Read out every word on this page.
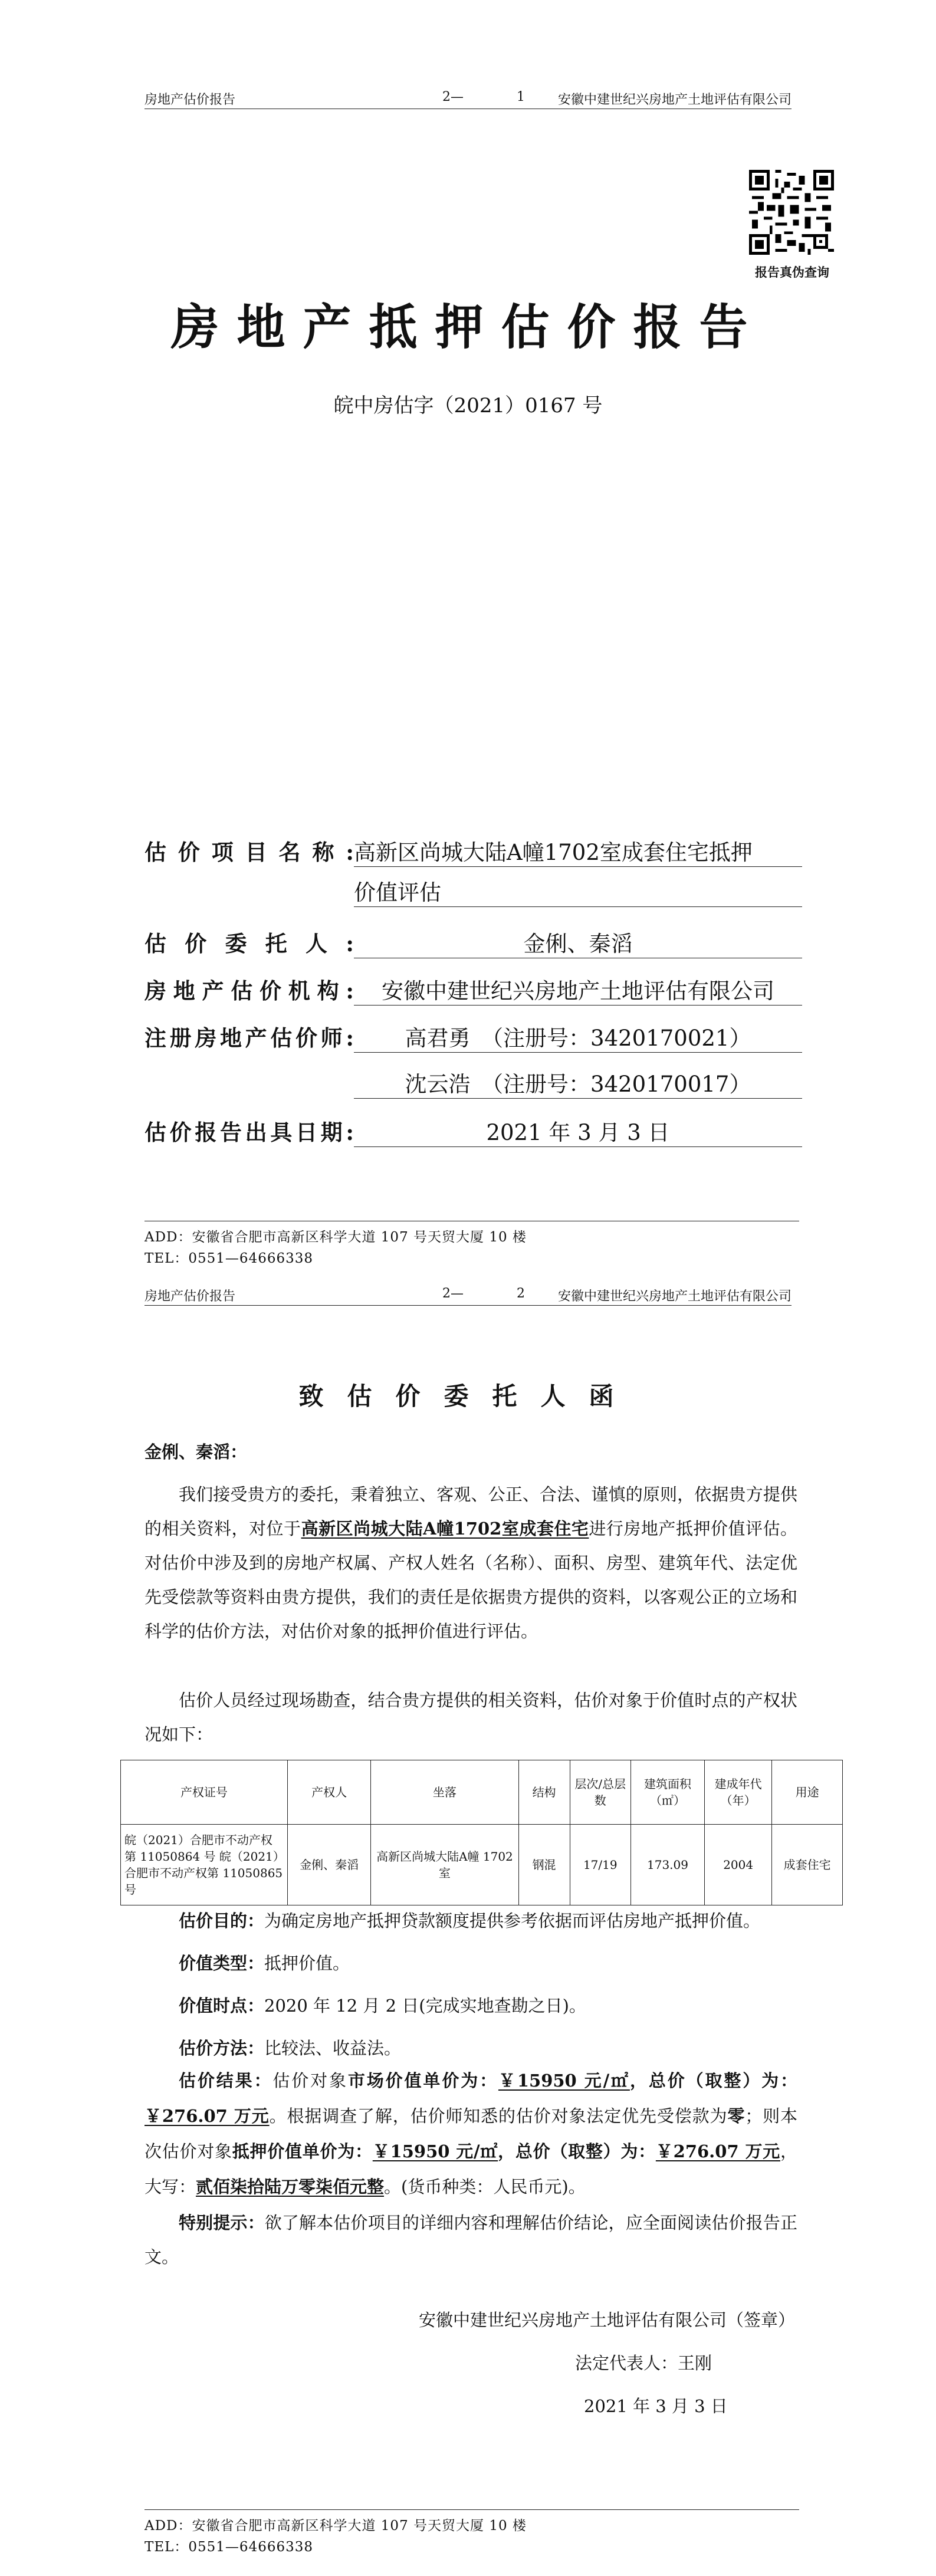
房地产估价报告	2—	1	安徽中建世纪兴房地产土地评估有限公司
报告真伪查询
房地产抵押估价报告
皖中房估字（2021）0167 号
估价项目名称:高新区尚城大陆A幢1702室成套住宅抵押
价值评估
估价委托人:	金俐、秦滔
房地产估价机构: 安徽中建世纪兴房地产土地评估有限公司
注册房地产估价师: 高君勇　（注册号：3420170021）
沈云浩　（注册号：3420170017）
估价报告出具日期:	2021 年 3 月 3 日
ADD：安徽省合肥市高新区科学大道 107 号天贸大厦 10 楼
TEL：0551—64666338
房地产估价报告	2—	2	安徽中建世纪兴房地产土地评估有限公司
致估价委托人函
金俐、秦滔：
我们接受贵方的委托，秉着独立、客观、公正、合法、谨慎的原则，依据贵方提供的相关资料，对位于高新区尚城大陆A幢1702室成套住宅进行房地产抵押价值评估。对估价中涉及到的房地产权属、产权人姓名（名称）、面积、房型、建筑年代、法定优先受偿款等资料由贵方提供，我们的责任是依据贵方提供的资料，以客观公正的立场和科学的估价方法，对估价对象的抵押价值进行评估。
估价人员经过现场勘查，结合贵方提供的相关资料，估价对象于价值时点的产权状况如下：
产权证号	产权人	坐落	结构	层次/总层数	建筑面积（㎡）	建成年代（年）	用途
皖（2021）合肥市不动产权第 11050864 号 皖（2021）合肥市不动产权第 11050865 号	金俐、秦滔	高新区尚城大陆A幢 1702 室	钢混	17/19	173.09	2004	成套住宅
估价目的：为确定房地产抵押贷款额度提供参考依据而评估房地产抵押价值。
价值类型：抵押价值。
价值时点：2020 年 12 月 2 日(完成实地查勘之日)。
估价方法：比较法、收益法。
估价结果：估价对象市场价值单价为：￥15950 元/㎡，总价（取整）为：￥276.07 万元。根据调查了解，估价师知悉的估价对象法定优先受偿款为零；则本次估价对象抵押价值单价为：￥15950 元/㎡，总价（取整）为：￥276.07 万元，大写：贰佰柒拾陆万零柒佰元整。(货币种类：人民币元)。
特别提示：欲了解本估价项目的详细内容和理解估价结论，应全面阅读估价报告正文。
安徽中建世纪兴房地产土地评估有限公司（签章）
法定代表人：王刚
2021 年 3 月 3 日
ADD：安徽省合肥市高新区科学大道 107 号天贸大厦 10 楼
TEL：0551—64666338
